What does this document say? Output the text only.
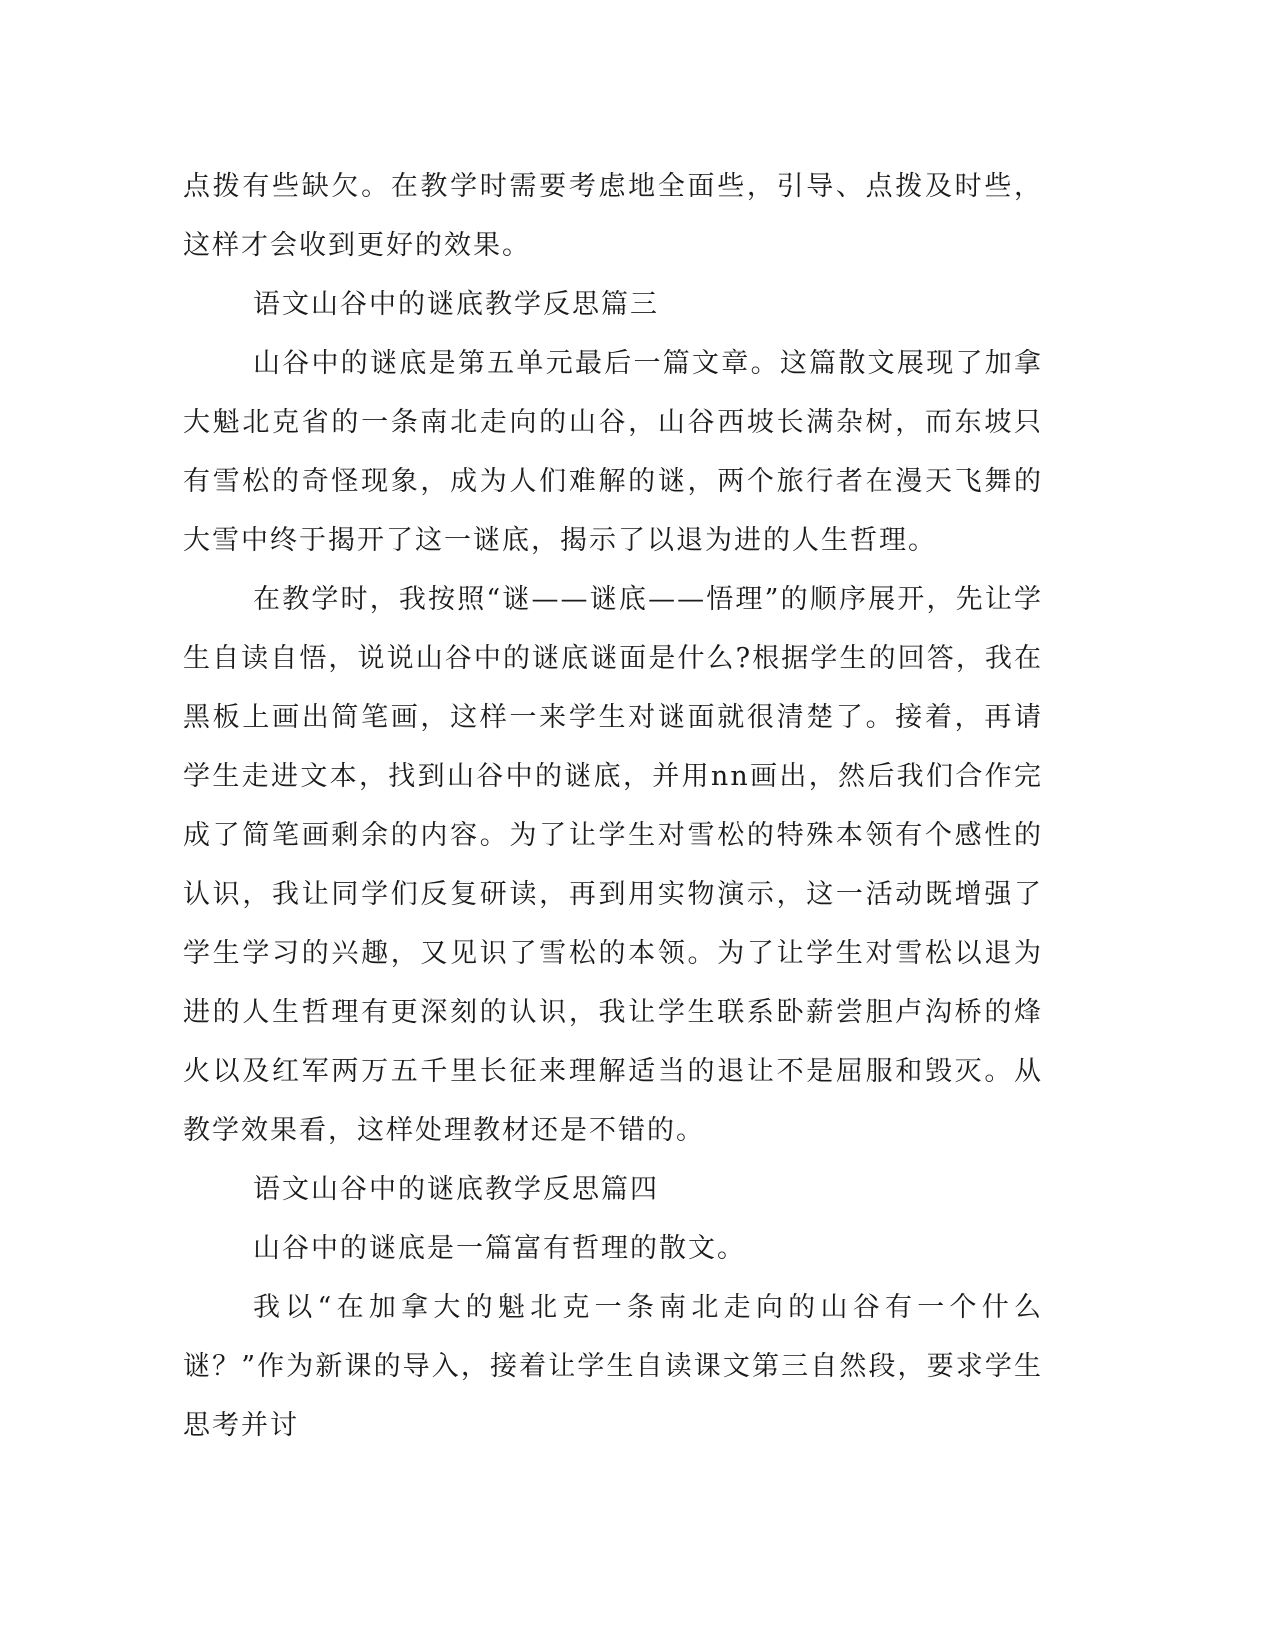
点拨有些缺欠。在教学时需要考虑地全面些，引导、点拨及时些，这样才会收到更好的效果。

语文山谷中的谜底教学反思篇三

山谷中的谜底是第五单元最后一篇文章。这篇散文展现了加拿大魁北克省的一条南北走向的山谷，山谷西坡长满杂树，而东坡只有雪松的奇怪现象，成为人们难解的谜，两个旅行者在漫天飞舞的大雪中终于揭开了这一谜底，揭示了以退为进的人生哲理。

在教学时，我按照“谜——谜底——悟理”的顺序展开，先让学生自读自悟，说说山谷中的谜底谜面是什么?根据学生的回答，我在黑板上画出简笔画，这样一来学生对谜面就很清楚了。接着，再请学生走进文本，找到山谷中的谜底，并用nn画出，然后我们合作完成了简笔画剩余的内容。为了让学生对雪松的特殊本领有个感性的认识，我让同学们反复研读，再到用实物演示，这一活动既增强了学生学习的兴趣，又见识了雪松的本领。为了让学生对雪松以退为进的人生哲理有更深刻的认识，我让学生联系卧薪尝胆卢沟桥的烽火以及红军两万五千里长征来理解适当的退让不是屈服和毁灭。从教学效果看，这样处理教材还是不错的。

语文山谷中的谜底教学反思篇四

山谷中的谜底是一篇富有哲理的散文。

我以“在加拿大的魁北克一条南北走向的山谷有一个什么谜？”作为新课的导入，接着让学生自读课文第三自然段，要求学生思考并讨
